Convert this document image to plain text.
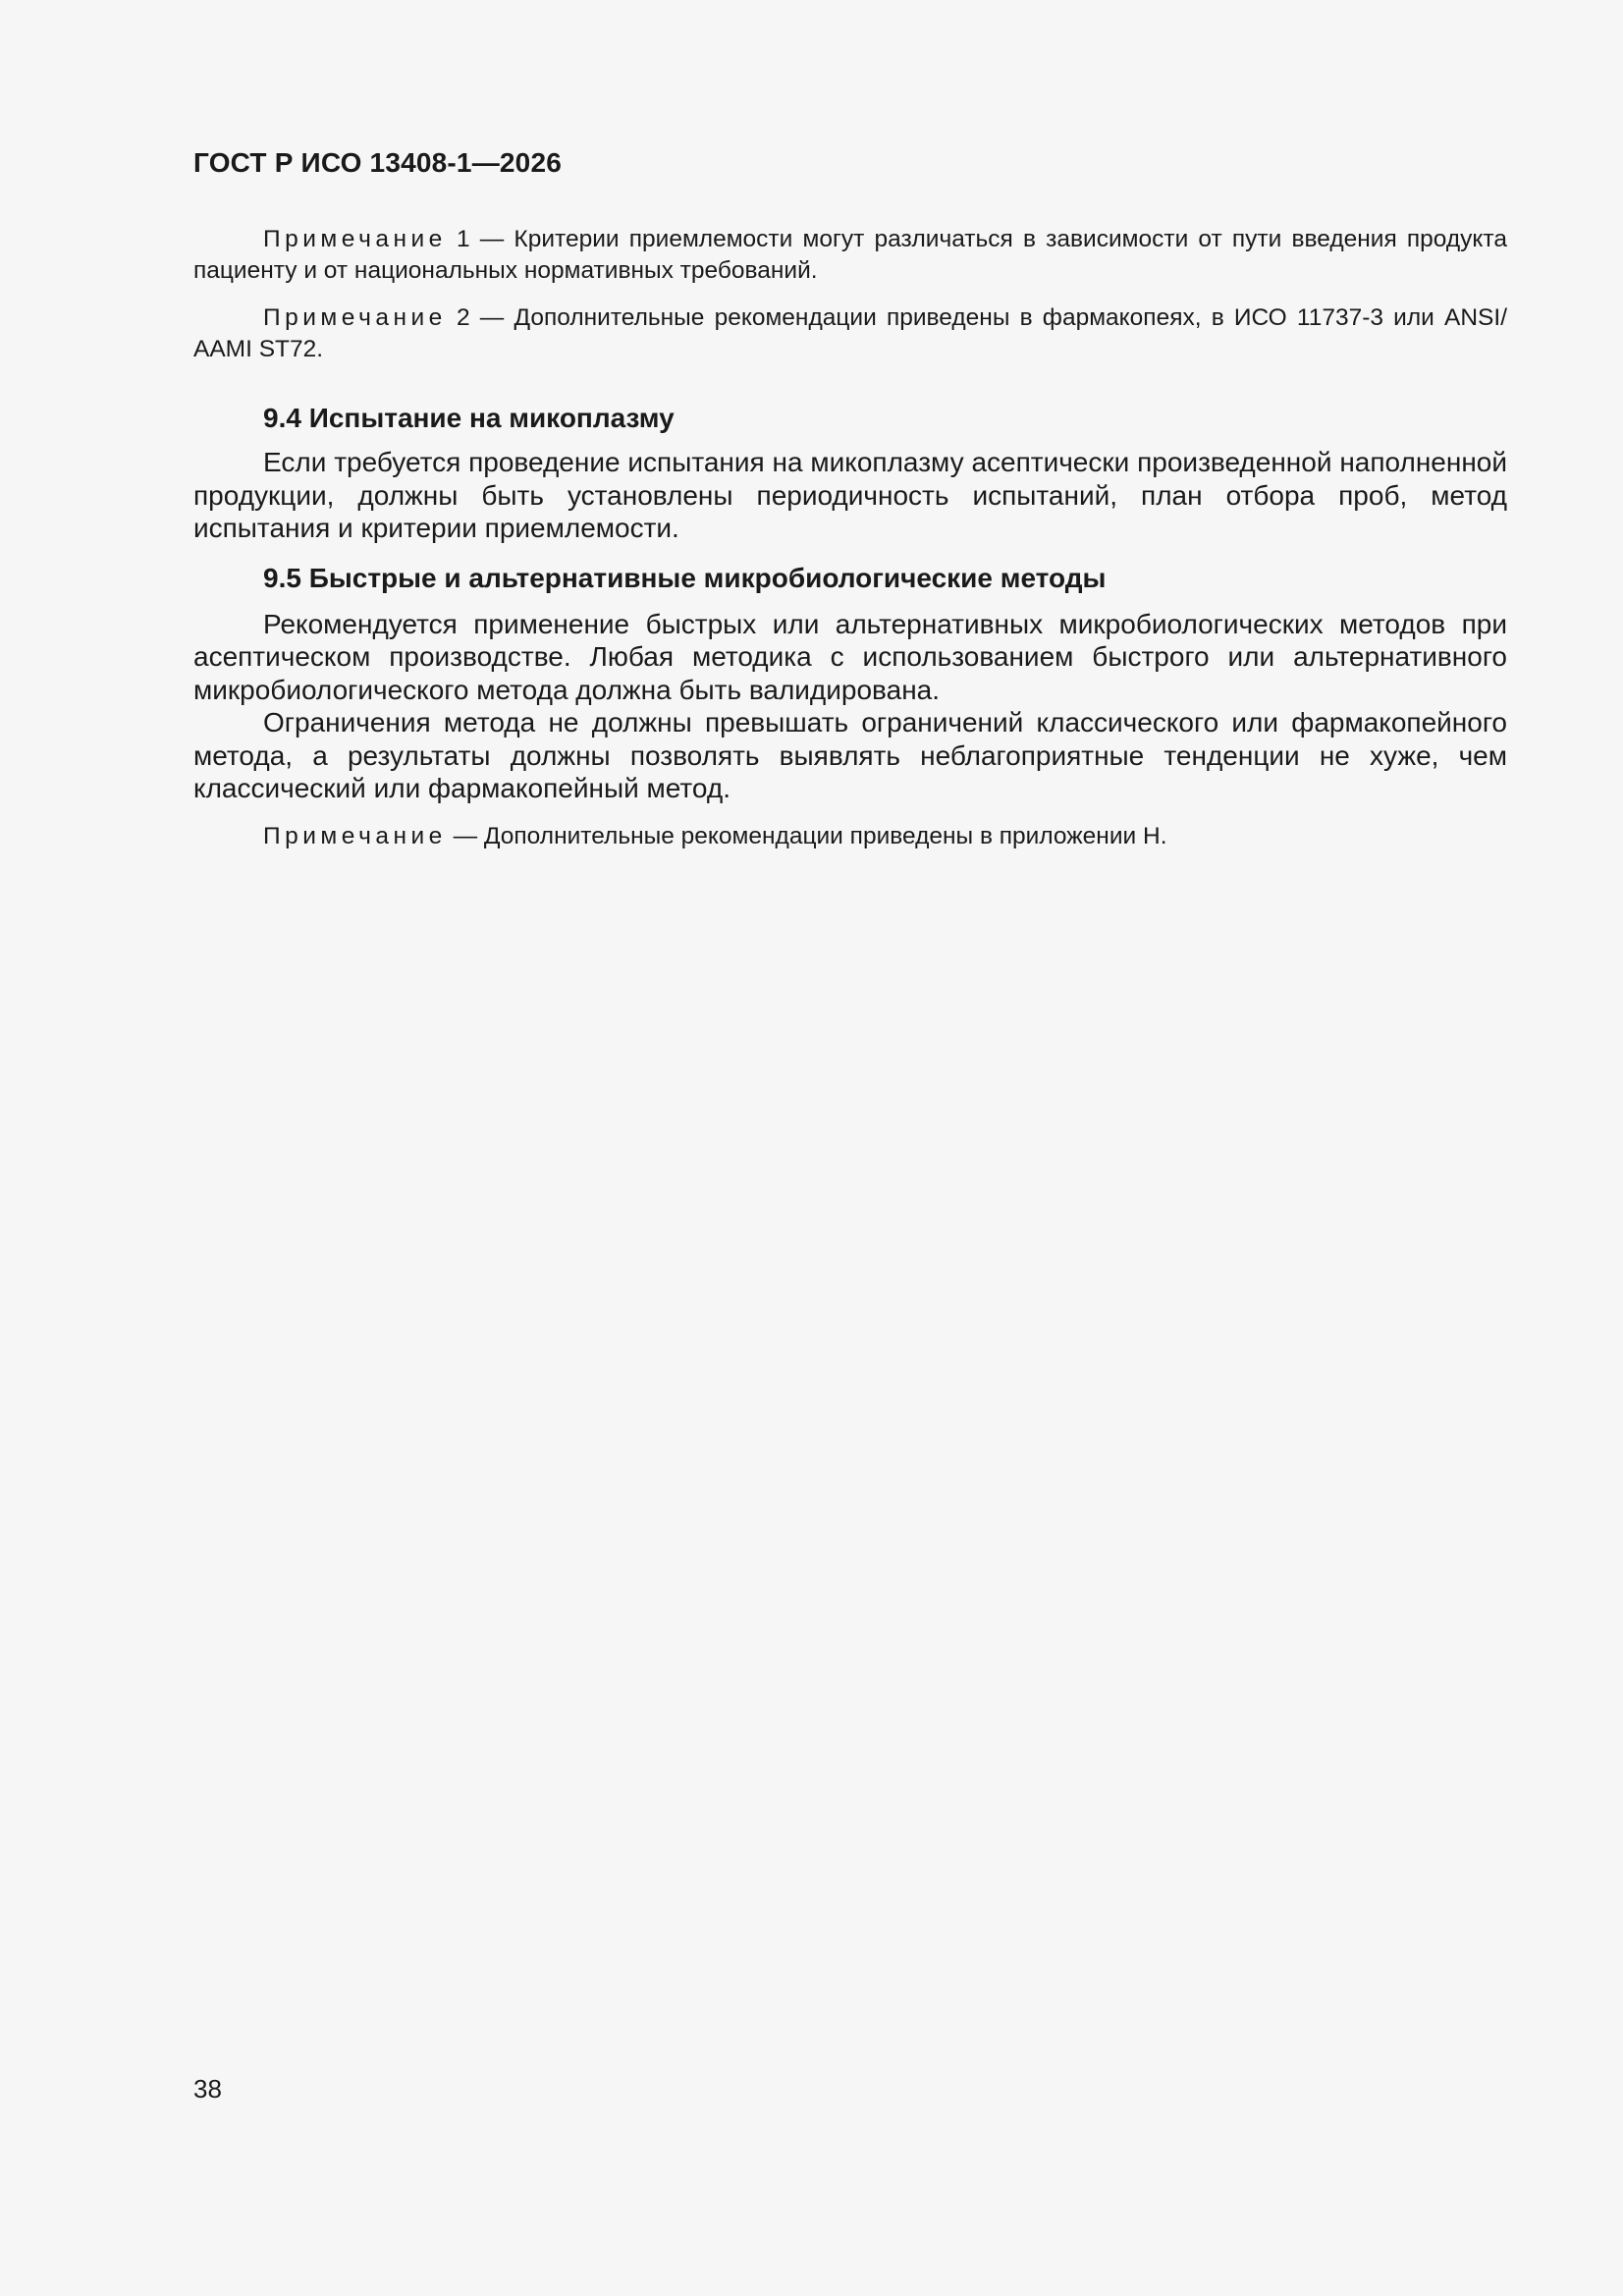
ГОСТ Р ИСО 13408-1—2026

Примечание 1 — Критерии приемлемости могут различаться в зависимости от пути введения продукта пациенту и от национальных нормативных требований.

Примечание 2 — Дополнительные рекомендации приведены в фармакопеях, в ИСО 11737-3 или ANSI/ AAMI ST72.

9.4 Испытание на микоплазму

Если требуется проведение испытания на микоплазму асептически произведенной наполненной продукции, должны быть установлены периодичность испытаний, план отбора проб, метод испытания и критерии приемлемости.

9.5 Быстрые и альтернативные микробиологические методы

Рекомендуется применение быстрых или альтернативных микробиологических методов при асептическом производстве. Любая методика с использованием быстрого или альтернативного микробиологического метода должна быть валидирована.

Ограничения метода не должны превышать ограничений классического или фармакопейного метода, а результаты должны позволять выявлять неблагоприятные тенденции не хуже, чем классический или фармакопейный метод.

Примечание — Дополнительные рекомендации приведены в приложении Н.

38
